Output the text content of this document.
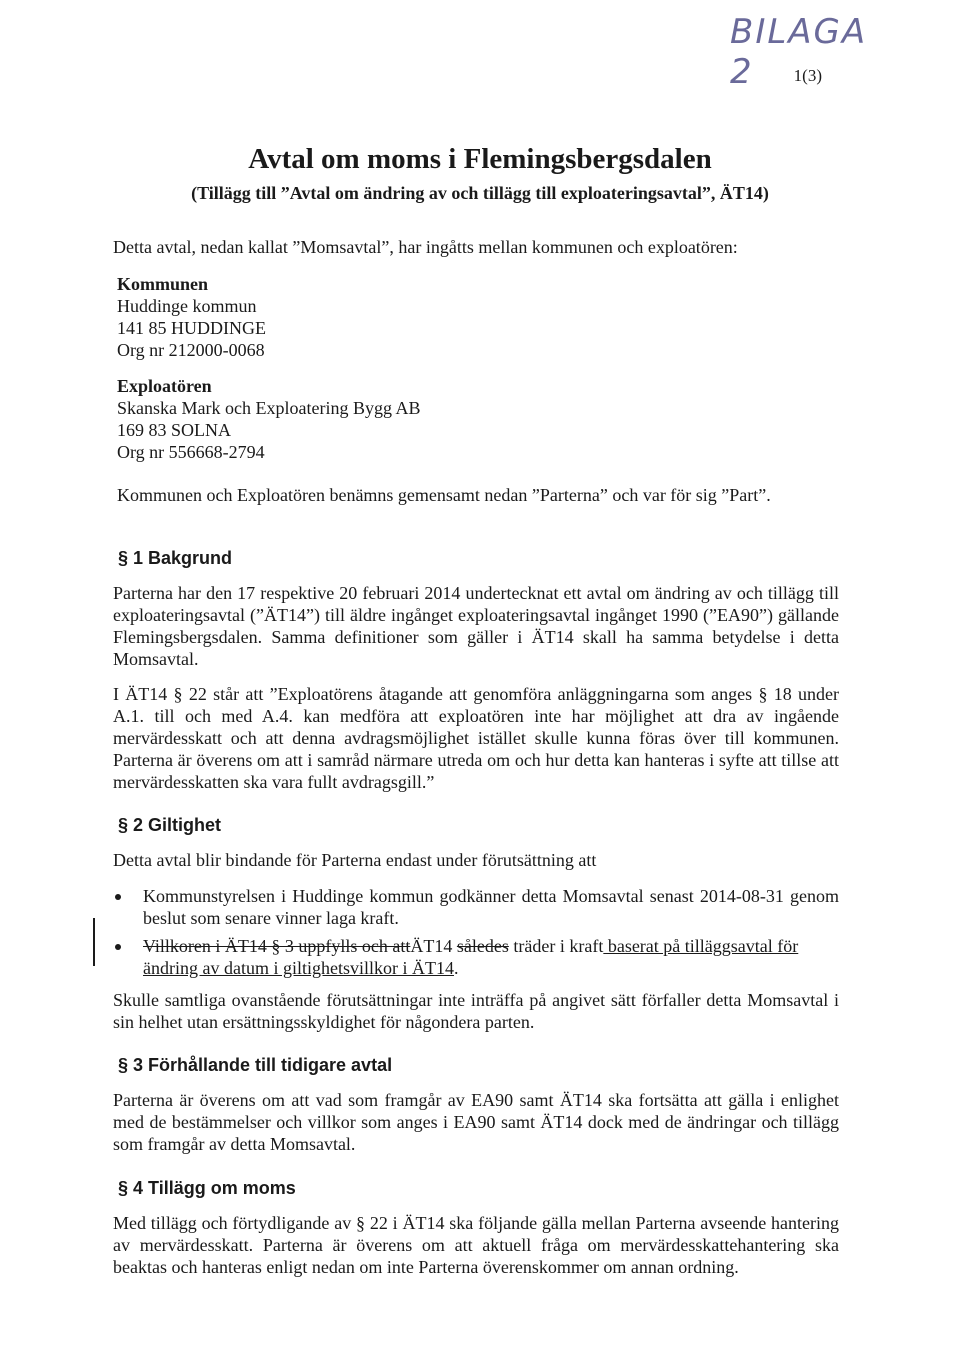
BILAGA 2	1(3)
Avtal om moms i Flemingsbergsdalen
(Tillägg till ”Avtal om ändring av och tillägg till exploateringsavtal”, ÄT14)
Detta avtal, nedan kallat ”Momsavtal”, har ingåtts mellan kommunen och exploatören:
Kommunen
Huddinge kommun
141 85 HUDDINGE
Org nr 212000-0068
Exploatören
Skanska Mark och Exploatering Bygg AB
169 83 SOLNA
Org nr 556668-2794
Kommunen och Exploatören benämns gemensamt nedan ”Parterna” och var för sig ”Part”.
§ 1 Bakgrund
Parterna har den 17 respektive 20 februari 2014 undertecknat ett avtal om ändring av och tillägg till exploateringsavtal (”ÄT14”) till äldre ingånget exploateringsavtal ingånget 1990 (”EA90”) gällande Flemingsbergsdalen. Samma definitioner som gäller i ÄT14 skall ha samma betydelse i detta Momsavtal.
I ÄT14 § 22 står att ”Exploatörens åtagande att genomföra anläggningarna som anges § 18 under A.1. till och med A.4. kan medföra att exploatören inte har möjlighet att dra av ingående mervärdesskatt och att denna avdragsmöjlighet istället skulle kunna föras över till kommunen. Parterna är överens om att i samråd närmare utreda om och hur detta kan hanteras i syfte att tillse att mervärdesskatten ska vara fullt avdragsgill.”
§ 2 Giltighet
Detta avtal blir bindande för Parterna endast under förutsättning att
Kommunstyrelsen i Huddinge kommun godkänner detta Momsavtal senast 2014-08-31 genom beslut som senare vinner laga kraft.
Villkoren i ÄT14 § 3 uppfylls och attÄT14 således träder i kraft baserat på tilläggsavtal för ändring av datum i giltighetsvillkor i ÄT14.
Skulle samtliga ovanstående förutsättningar inte inträffa på angivet sätt förfaller detta Momsavtal i sin helhet utan ersättningsskyldighet för någondera parten.
§ 3 Förhållande till tidigare avtal
Parterna är överens om att vad som framgår av EA90 samt ÄT14 ska fortsätta att gälla i enlighet med de bestämmelser och villkor som anges i EA90 samt ÄT14 dock med de ändringar och tillägg som framgår av detta Momsavtal.
§ 4 Tillägg om moms
Med tillägg och förtydligande av § 22 i ÄT14 ska följande gälla mellan Parterna avseende hantering av mervärdesskatt. Parterna är överens om att aktuell fråga om mervärdesskattehantering ska beaktas och hanteras enligt nedan om inte Parterna överenskommer om annan ordning.
